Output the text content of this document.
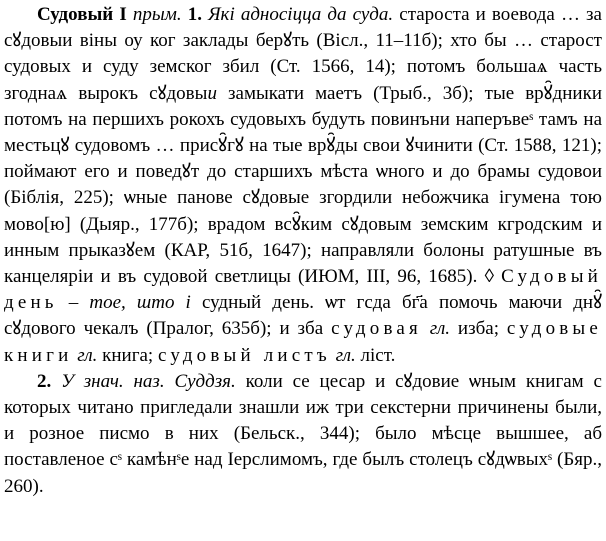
Судовый I прым. 1. Які адносіцца да суда. староста и воевода … за сꙋдовыи віны оу ког заклады берꙋть (Вісл., 11–11б); хто бы … старост судовых и суду земског збил (Ст. 1566, 14); потомъ большаѧ часть згоднаѧ вырокъ сꙋдовыи замыкати маетъ (Трыб., 3б); тые врꙋ̑дники потомъ на першихъ рокохъ судовыхъ будуть повинъни наперъвеˢ тамъ на местьцꙋ судовомъ … присꙋ̑гꙋ на тые врꙋ̑ды свои ꙋчинити (Ст. 1588, 121); поймают его и поведꙋт до старшихъ мѣста ѡного и до брамы судовои (Біблія, 225); ѡные панове сꙋдовые згордили небожчика ігумена тою мово[ю] (Дыяр., 177б); врадом всꙋ̑ким сꙋдовым земским кгродским и инным прыказꙋем (КАР, 51б, 1647); направляли болоны ратушные въ канцеляріи и въ судовой светлицы (ИЮМ, III, 96, 1685). ◊ Судовый день – тое, што і судный день. ѡт гсда бг҃а помочь маючи днꙋ̑ сꙋдового чекалъ (Пралог, 635б); и збa судовая гл. изба; судовые книги гл. книга; судовый листъ гл. ліст.

2. У знач. наз. Суддзя. коли се цесар и сꙋдовие ѡным книгам с которых читано пригледали знашли иж три секстерни причинены были, и розное писмо в них (Бельск., 344); было мѣсце вышшее, аб поставленое сˢ камѣнˢе над Іерслимомъ, где былъ столецъ сꙋдѡвыхˢ (Бяр., 260).
